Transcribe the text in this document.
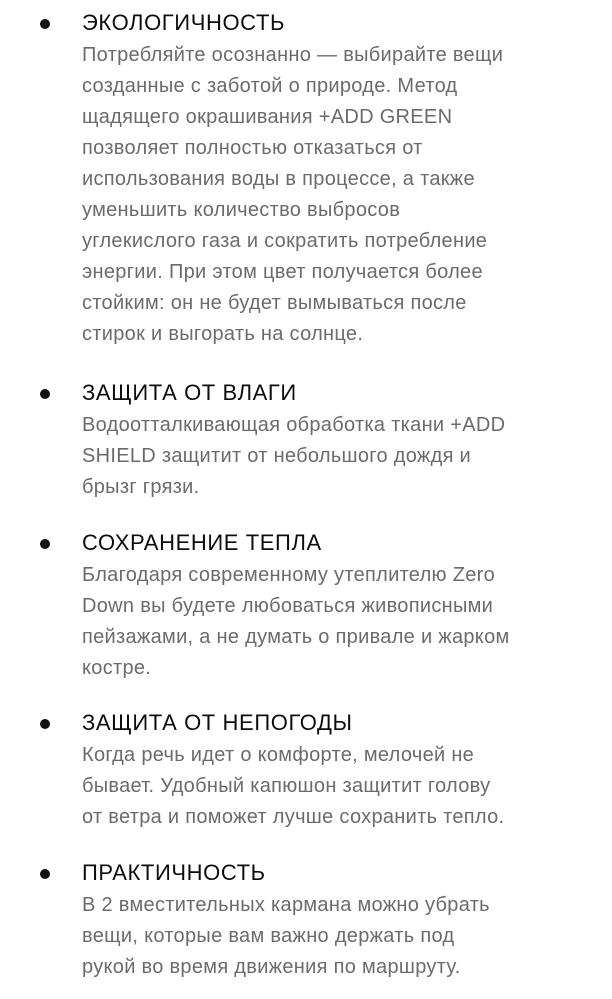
ЭКОЛОГИЧНОСТЬ
Потребляйте осознанно — выбирайте вещи
созданные с заботой о природе. Метод
щадящего окрашивания +ADD GREEN
позволяет полностью отказаться от
использования воды в процессе, а также
уменьшить количество выбросов
углекислого газа и сократить потребление
энергии. При этом цвет получается более
стойким: он не будет вымываться после
стирок и выгорать на солнце.
ЗАЩИТА ОТ ВЛАГИ
Водоотталкивающая обработка ткани +ADD
SHIELD защитит от небольшого дождя и
брызг грязи.
СОХРАНЕНИЕ ТЕПЛА
Благодаря современному утеплителю Zero
Down вы будете любоваться живописными
пейзажами, а не думать о привале и жарком
костре.
ЗАЩИТА ОТ НЕПОГОДЫ
Когда речь идет о комфорте, мелочей не
бывает. Удобный капюшон защитит голову
от ветра и поможет лучше сохранить тепло.
ПРАКТИЧНОСТЬ
В 2 вместительных кармана можно убрать
вещи, которые вам важно держать под
рукой во время движения по маршруту.
